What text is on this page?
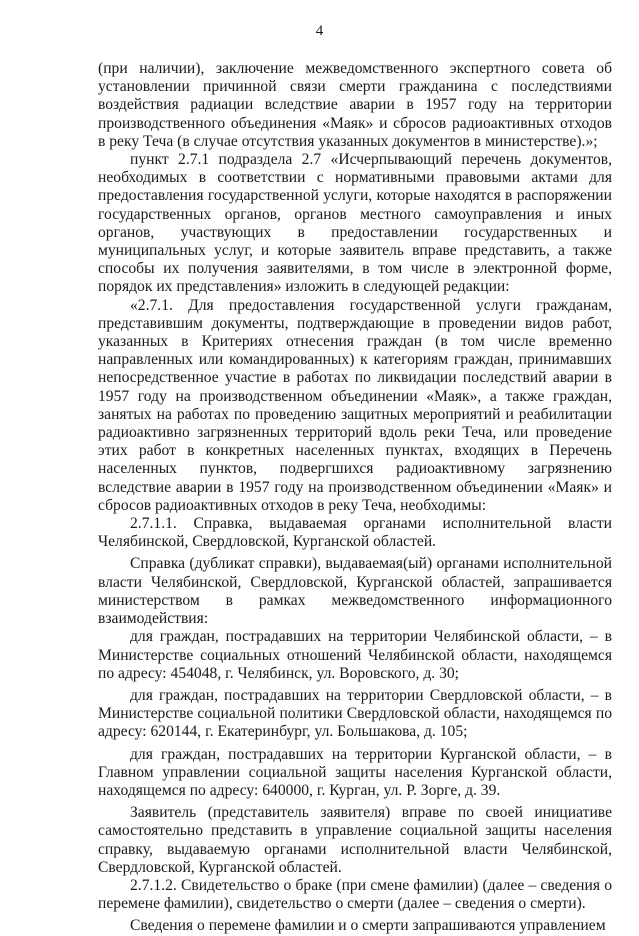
4

(при наличии), заключение межведомственного экспертного совета об установлении причинной связи смерти гражданина с последствиями воздействия радиации вследствие аварии в 1957 году на территории производственного объединения «Маяк» и сбросов радиоактивных отходов в реку Теча (в случае отсутствия указанных документов в министерстве).»;

пункт 2.7.1 подраздела 2.7 «Исчерпывающий перечень документов, необходимых в соответствии с нормативными правовыми актами для предоставления государственной услуги, которые находятся в распоряжении государственных органов, органов местного самоуправления и иных органов, участвующих в предоставлении государственных и муниципальных услуг, и которые заявитель вправе представить, а также способы их получения заявителями, в том числе в электронной форме, порядок их представления» изложить в следующей редакции:

«2.7.1. Для предоставления государственной услуги гражданам, представившим документы, подтверждающие в проведении видов работ, указанных в Критериях отнесения граждан (в том числе временно направленных или командированных) к категориям граждан, принимавших непосредственное участие в работах по ликвидации последствий аварии в 1957 году на производственном объединении «Маяк», а также граждан, занятых на работах по проведению защитных мероприятий и реабилитации радиоактивно загрязненных территорий вдоль реки Теча, или проведение этих работ в конкретных населенных пунктах, входящих в Перечень населенных пунктов, подвергшихся радиоактивному загрязнению вследствие аварии в 1957 году на производственном объединении «Маяк» и сбросов радиоактивных отходов в реку Теча, необходимы:

2.7.1.1. Справка, выдаваемая органами исполнительной власти Челябинской, Свердловской, Курганской областей.

Справка (дубликат справки), выдаваемая(ый) органами исполнительной власти Челябинской, Свердловской, Курганской областей, запрашивается министерством в рамках межведомственного информационного взаимодействия:

для граждан, пострадавших на территории Челябинской области, – в Министерстве социальных отношений Челябинской области, находящемся по адресу: 454048, г. Челябинск, ул. Воровского, д. 30;

для граждан, пострадавших на территории Свердловской области, – в Министерстве социальной политики Свердловской области, находящемся по адресу: 620144, г. Екатеринбург, ул. Большакова, д. 105;

для граждан, пострадавших на территории Курганской области, – в Главном управлении социальной защиты населения Курганской области, находящемся по адресу: 640000, г. Курган, ул. Р. Зорге, д. 39.

Заявитель (представитель заявителя) вправе по своей инициативе самостоятельно представить в управление социальной защиты населения справку, выдаваемую органами исполнительной власти Челябинской, Свердловской, Курганской областей.

2.7.1.2. Свидетельство о браке (при смене фамилии) (далее – сведения о перемене фамилии), свидетельство о смерти (далее – сведения о смерти).

Сведения о перемене фамилии и о смерти запрашиваются управлением
